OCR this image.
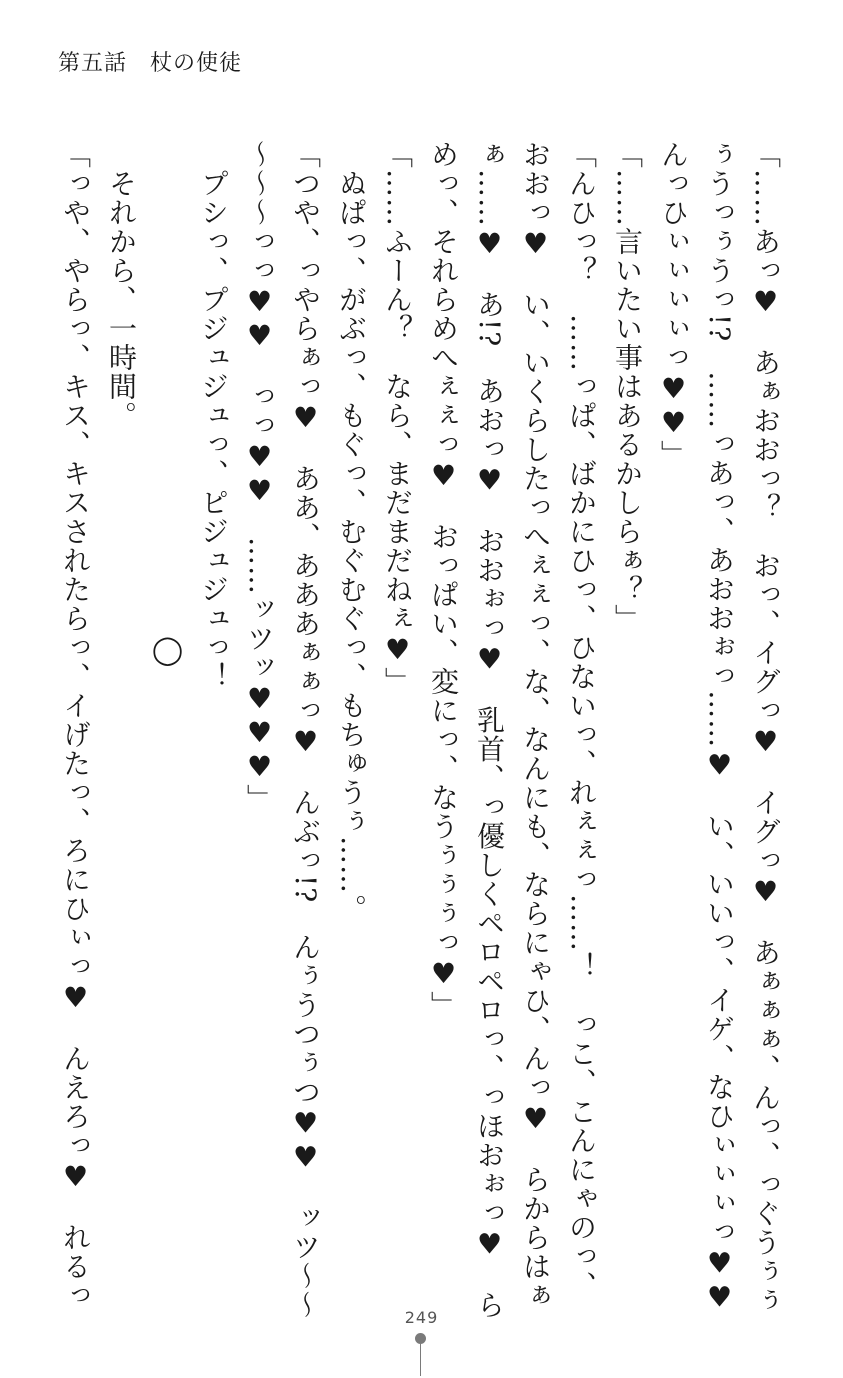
第五話　杖の使徒
「……あっ♥　あぁおおっ？　おっ、イグっ♥　イグっ♥　あぁぁぁ、んっ、っぐうぅぅ
ぅうっぅうっ!?　……っあっ、あおおぉっ……♥　い、いいっ、イゲ、なひぃぃぃっ♥♥
んっひぃぃぃぃっ♥♥」
「……言いたい事はあるかしらぁ？」
「んひっ？　……っぱ、ばかにひっ、ひないっ、れぇぇっ……！　っこ、こんにゃのっ、
おおっ♥　い、いくらしたっへぇぇっ、な、なんにも、ならにゃひ、んっ♥　らからはぁ
ぁ……♥　あ!?　あおっ♥　おおぉっ♥　乳首、っ優しくペロペロっ、っほおぉっ♥　ら
めっ、それらめへぇぇっ♥　おっぱい、変にっ、なうぅぅぅっ♥」
「……ふーん？　なら、まだまだねぇ♥」
　ぬぱっ、がぶっ、もぐっ、むぐむぐっ、もちゅうぅ……。
「つや、っやらぁっ♥　ああ、あああぁぁっ♥　んぶっ!?　んぅうつぅつ♥♥　ッツ〜〜
〜〜〜っっ♥♥　っっ♥♥　……ッツッ♥♥♥」
　プシっ、プジュジュっ、ピジュジュっ！
　　　　　　　　　　　　　　　　　◯
　それから、一時間。
「っや、やらっ、キス、キスされたらっ、イげたっ、ろにひぃっ♥　んえろっ♥　れるっ
249
